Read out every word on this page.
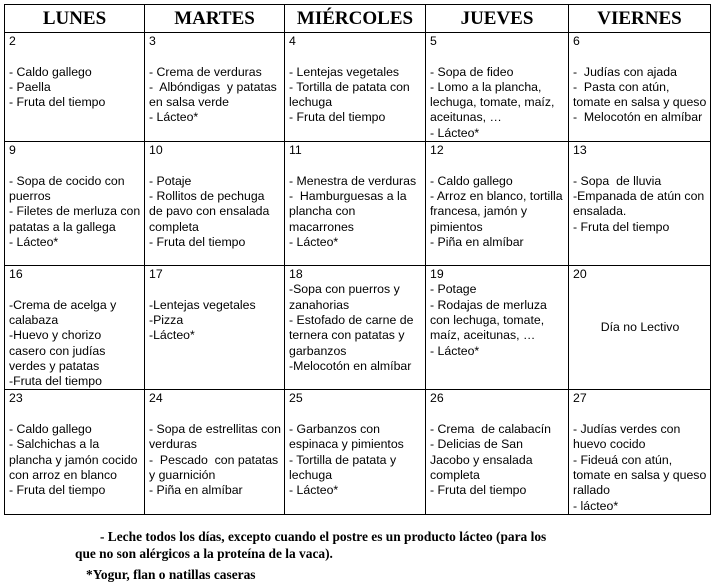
LUNES	MARTES	MIÉRCOLES	JUEVES	VIERNES

2
- Caldo gallego
- Paella
- Fruta del tiempo	3
- Crema de verduras
-  Albóndigas  y patatas en salsa verde
- Lácteo*	4
- Lentejas vegetales
- Tortilla de patata con lechuga
- Fruta del tiempo	5
- Sopa de fideo
- Lomo a la plancha, lechuga, tomate, maíz, aceitunas, …
- Lácteo*	6
-  Judías con ajada
-  Pasta con atún, tomate en salsa y queso
-  Melocotón en almíbar

9
- Sopa de cocido con puerros
- Filetes de merluza con patatas a la gallega
- Lácteo*	10
- Potaje
- Rollitos de pechuga de pavo con ensalada completa
- Fruta del tiempo	11
- Menestra de verduras
-  Hamburguesas a la plancha con macarrones
- Lácteo*	12
- Caldo gallego
- Arroz en blanco, tortilla francesa, jamón y pimientos
- Piña en almíbar	13
- Sopa  de lluvia
-Empanada de atún con ensalada.
- Fruta del tiempo

16
-Crema de acelga y calabaza
-Huevo y chorizo casero con judías verdes y patatas
-Fruta del tiempo	17
-Lentejas vegetales
-Pizza
-Lácteo*	18
-Sopa con puerros y zanahorias
- Estofado de carne de ternera con patatas y garbanzos
-Melocotón en almíbar	19
- Potage
- Rodajas de merluza con lechuga, tomate, maíz, aceitunas, …
- Lácteo*	20
Día no Lectivo

23
- Caldo gallego
- Salchichas a la plancha y jamón cocido con arroz en blanco
- Fruta del tiempo	24
- Sopa de estrellitas con verduras
-  Pescado  con patatas y guarnición
- Piña en almíbar	25
- Garbanzos con espinaca y pimientos
- Tortilla de patata y lechuga
- Lácteo*	26
- Crema  de calabacín
- Delicias de San Jacobo y ensalada completa
- Fruta del tiempo	27
- Judías verdes con huevo cocido
- Fideuá con atún, tomate en salsa y queso rallado
- lácteo*
- Leche todos los días, excepto cuando el postre es un producto lácteo (para los
que no son alérgicos a la proteína de la vaca).
*Yogur, flan o natillas caseras
